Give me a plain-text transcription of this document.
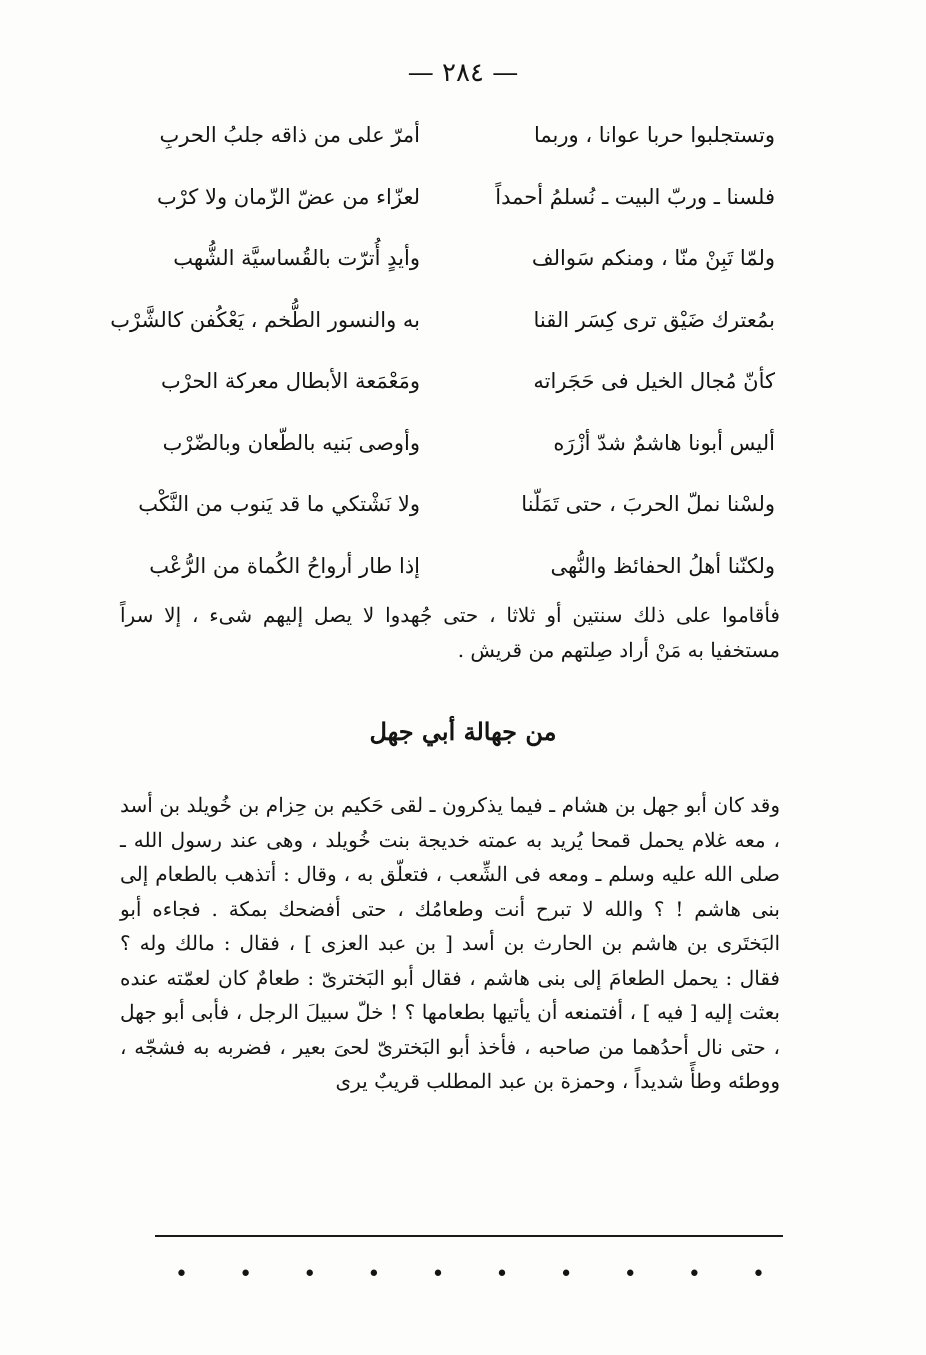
— ٢٨٤ —
وتستجلبوا حربا عوانا ، وربما
أمرّ على من ذاقه جلبُ الحربِ
فلسنا ـ وربّ البيت ـ نُسلمُ أحمداً
لعزّاء من عضّ الزّمان ولا كرْب
ولمّا تَبِنْ منّا ، ومنكم سَوالف
وأيدٍ أُترّت بالقُساسيَّة الشُّهب
بمُعترك ضَيْق ترى كِسَر القنا
به والنسور الطُّخم ، يَعْكُفن كالشَّرْب
كأنّ مُجال الخيل فى حَجَراته
ومَعْمَعة الأبطال معركة الحرْب
أليس أبونا هاشمٌ شدّ أزْرَه
وأوصى بَنيه بالطّعان وبالضّرْب
ولسْنا نملّ الحربَ ، حتى تَمَلّنا
ولا نَشْتكي ما قد يَنوب من النَّكْب
ولكنّنا أهلُ الحفائظ والنُّهى
إذا طار أرواحُ الكُماة من الرُّعْب

فأقاموا على ذلك سنتين أو ثلاثا ، حتى جُهدوا لا يصل إليهم شىء ، إلا سراً مستخفيا به مَنْ أراد صِلتهم من قريش .

من جهالة أبي جهل

وقد كان أبو جهل بن هشام ـ فيما يذكرون ـ لقى حَكيم بن حِزام بن خُويلد بن أسد ، معه غلام يحمل قمحا يُريد به عمته خديجة بنت خُويلد ، وهى عند رسول الله ـ صلى الله عليه وسلم ـ ومعه فى الشِّعب ، فتعلّق به ، وقال : أتذهب بالطعام إلى بنى هاشم ! ؟ والله لا تبرح أنت وطعامُك ، حتى أفضحك بمكة . فجاءه أبو البَختَرى بن هاشم بن الحارث بن أسد [ بن عبد العزى ] ، فقال : مالك وله ؟ فقال : يحمل الطعامَ إلى بنى هاشم ، فقال أبو البَخترىّ : طعامٌ كان لعمّته عنده بعثت إليه [ فيه ] ، أفتمنعه أن يأتيها بطعامها ؟ ! خلّ سبيلَ الرجل ، فأبى أبو جهل ، حتى نال أحدُهما من صاحبه ، فأخذ أبو البَخترىّ لحىَ بعير ، فضربه به فشجّه ، ووطئه وطأً شديداً ، وحمزة بن عبد المطلب قريبٌ يرى

• • • • • • • • • •
